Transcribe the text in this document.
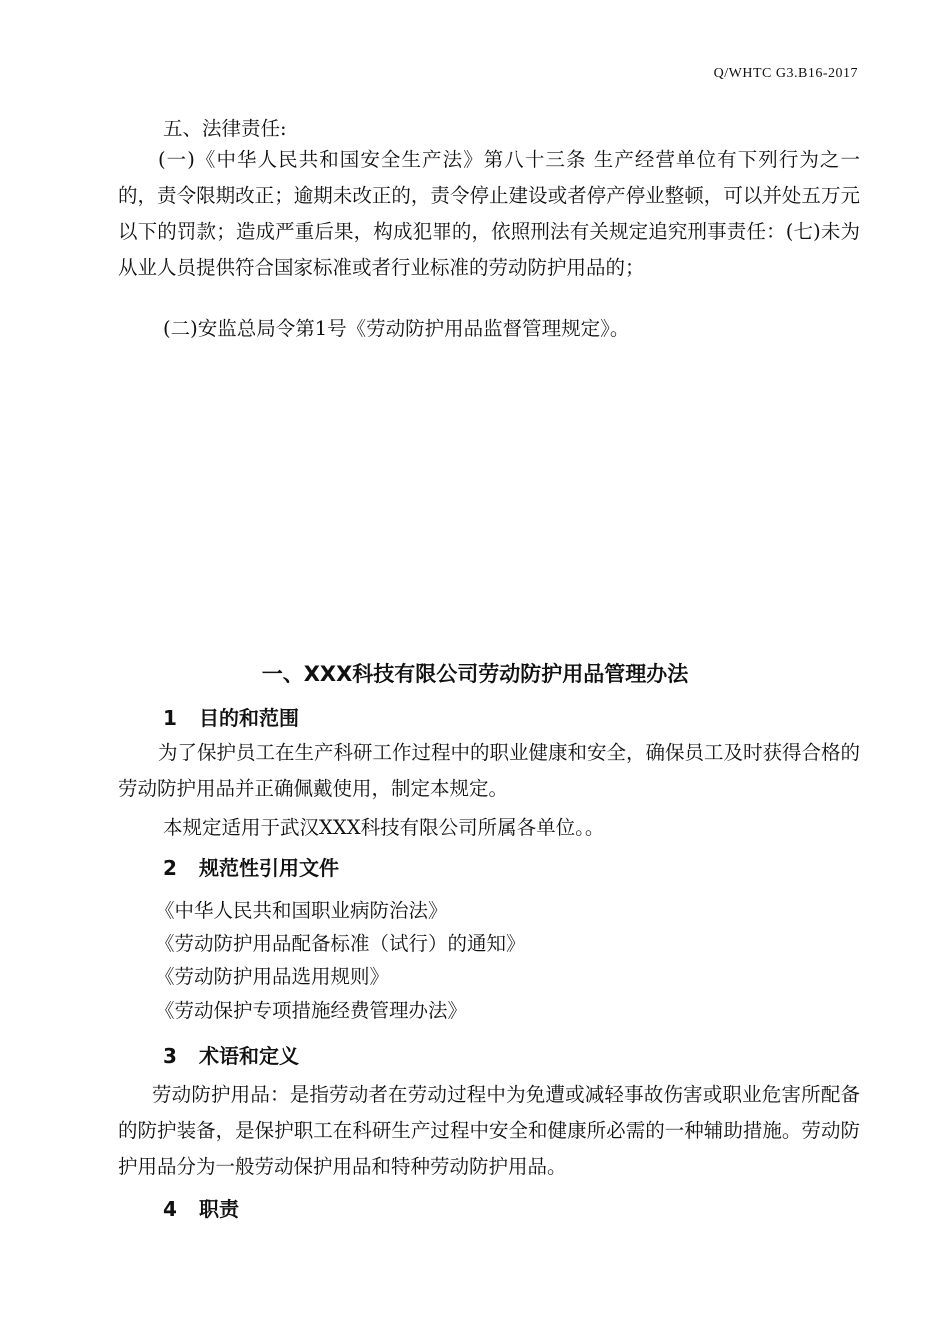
Q/WHTC G3.B16-2017
五、法律责任:
(一)《中华人民共和国安全生产法》第八十三条 生产经营单位有下列行为之一的，责令限期改正；逾期未改正的，责令停止建设或者停产停业整顿，可以并处五万元以下的罚款；造成严重后果，构成犯罪的，依照刑法有关规定追究刑事责任：(七)未为从业人员提供符合国家标准或者行业标准的劳动防护用品的；
(二)安监总局令第1号《劳动防护用品监督管理规定》。
一、XXX科技有限公司劳动防护用品管理办法
1 目的和范围
为了保护员工在生产科研工作过程中的职业健康和安全，确保员工及时获得合格的劳动防护用品并正确佩戴使用，制定本规定。
本规定适用于武汉XXX科技有限公司所属各单位。。
2 规范性引用文件
《中华人民共和国职业病防治法》
《劳动防护用品配备标准（试行）的通知》
《劳动防护用品选用规则》
《劳动保护专项措施经费管理办法》
3 术语和定义
劳动防护用品：是指劳动者在劳动过程中为免遭或减轻事故伤害或职业危害所配备的防护装备，是保护职工在科研生产过程中安全和健康所必需的一种辅助措施。劳动防护用品分为一般劳动保护用品和特种劳动防护用品。
4 职责
